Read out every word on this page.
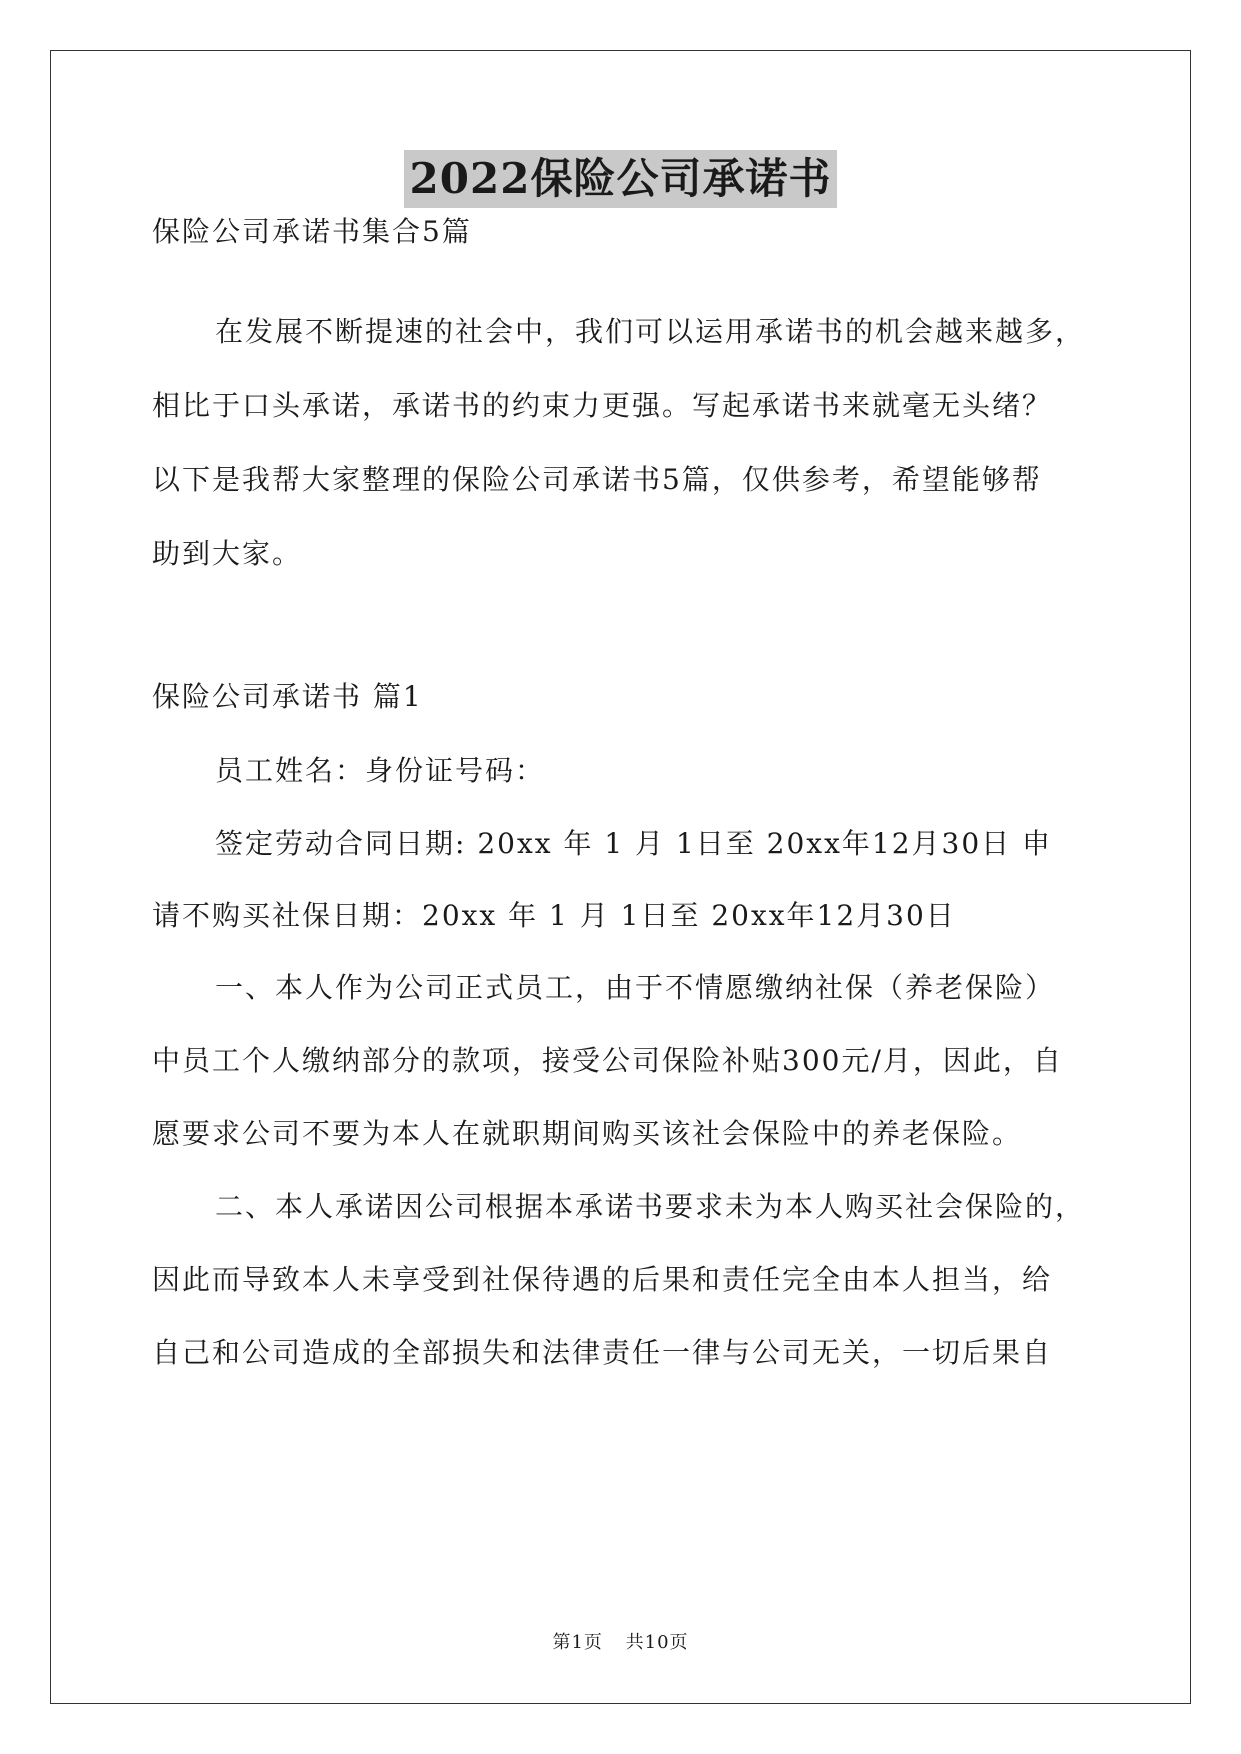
2022保险公司承诺书
保险公司承诺书集合5篇
在发展不断提速的社会中，我们可以运用承诺书的机会越来越多，
相比于口头承诺，承诺书的约束力更强。写起承诺书来就毫无头绪？
以下是我帮大家整理的保险公司承诺书5篇，仅供参考，希望能够帮
助到大家。
保险公司承诺书 篇1
员工姓名：身份证号码：
签定劳动合同日期: 20xx 年 1 月 1日至 20xx年12月30日 申
请不购买社保日期：20xx 年 1 月 1日至 20xx年12月30日
一、本人作为公司正式员工，由于不情愿缴纳社保（养老保险）
中员工个人缴纳部分的款项，接受公司保险补贴300元/月，因此，自
愿要求公司不要为本人在就职期间购买该社会保险中的养老保险。
二、本人承诺因公司根据本承诺书要求未为本人购买社会保险的，
因此而导致本人未享受到社保待遇的后果和责任完全由本人担当，给
自己和公司造成的全部损失和法律责任一律与公司无关，一切后果自
第1页 共10页
